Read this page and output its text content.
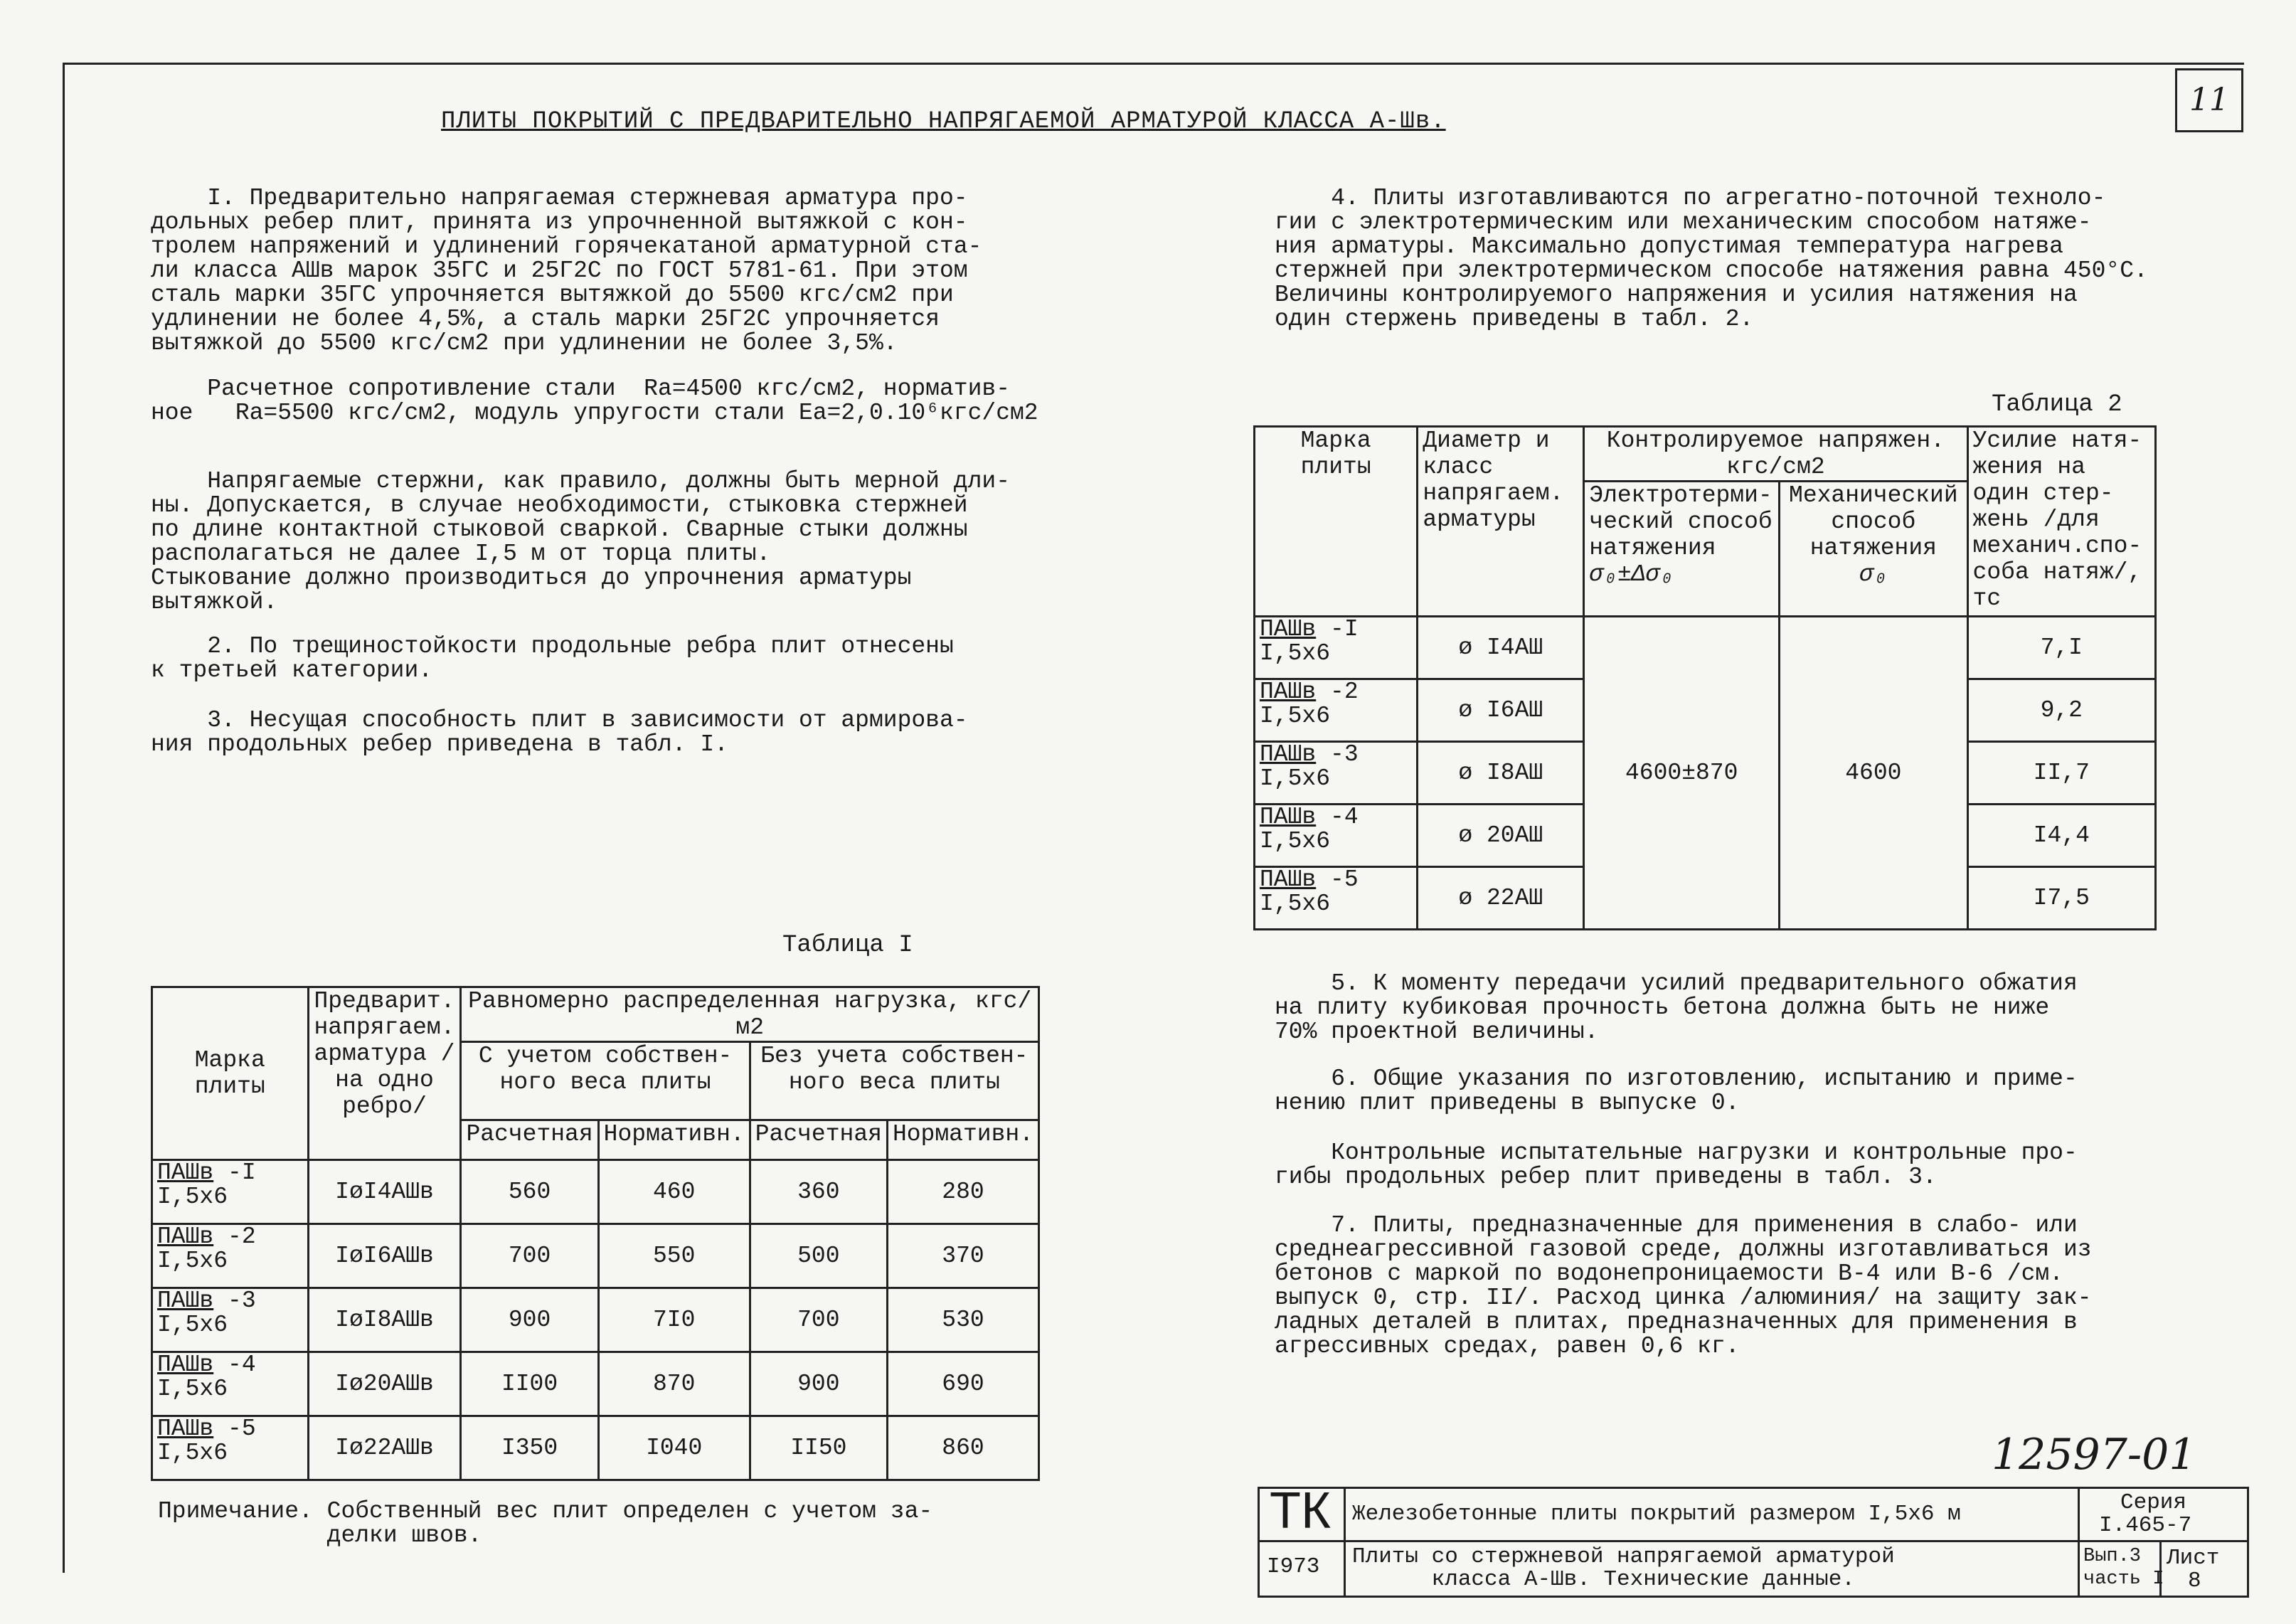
11
ПЛИТЫ ПОКРЫТИЙ С ПРЕДВАРИТЕЛЬНО НАПРЯГАЕМОЙ АРМАТУРОЙ КЛАССА А-Шв.
I. Предварительно напрягаемая стержневая арматура про-
дольных ребер плит, принята из упрочненной вытяжкой с кон-
тролем напряжений и удлинений горячекатаной арматурной ста-
ли класса АШв марок 35ГС и 25Г2С по ГОСТ 5781-61. При этом
сталь марки 35ГС упрочняется вытяжкой до 5500 кгс/см2 при
удлинении не более 4,5%, а сталь марки 25Г2С упрочняется
вытяжкой до 5500 кгс/см2 при удлинении не более 3,5%.
Расчетное сопротивление стали  Ra=4500 кгс/см2, норматив-
ное   Ra=5500 кгс/см2, модуль упругости стали Ea=2,0.10⁶кгс/см2
Напрягаемые стержни, как правило, должны быть мерной дли-
ны. Допускается, в случае необходимости, стыковка стержней
по длине контактной стыковой сваркой. Сварные стыки должны
располагаться не далее I,5 м от торца плиты.
Стыкование должно производиться до упрочнения арматуры
вытяжкой.
2. По трещиностойкости продольные ребра плит отнесены
к третьей категории.
3. Несущая способность плит в зависимости от армирова-
ния продольных ребер приведена в табл. I.
Таблица I
Марка плиты	Предварит. напрягаем. арматура /на одно ребро/	Равномерно распределенная нагрузка, кгс/м2			
		С учетом собствен- ного веса плиты		Без учета собствен- ного веса плиты	
		Расчетная	Нормативн.	Расчетная	Нормативн.
ПАШв -I
I,5x6	IøI4АШв	560	460	360	280
ПАШв -2
I,5x6	IøI6АШв	700	550	500	370
ПАШв -3
I,5x6	IøI8АШв	900	7I0	700	530
ПАШв -4
I,5x6	Iø20АШв	II00	870	900	690
ПАШв -5
I,5x6	Iø22АШв	I350	I040	II50	860
Примечание. Собственный вес плит определен с учетом за-
делки швов.
4. Плиты изготавливаются по агрегатно-поточной техноло-
гии с электротермическим или механическим способом натяже-
ния арматуры. Максимально допустимая температура нагрева
стержней при электротермическом способе натяжения равна 450°С.
Величины контролируемого напряжения и усилия натяжения на
один стержень приведены в табл. 2.
Таблица 2
Марка плиты	Диаметр и класс напрягаем. арматуры	Контролируемое напряжен. кгс/см2		Усилие натя- жения на один стер- жень /для механич.спо- соба натяж/, тс
		Электротерми- ческий способ натяжения
σ₀±Δσ₀	Механический способ натяжения
σ₀	
ПАШв -I
I,5x6	ø I4АШ	4600±870	4600	7,I
ПАШв -2
I,5x6	ø I6АШ			9,2
ПАШв -3
I,5x6	ø I8АШ			II,7
ПАШв -4
I,5x6	ø 20АШ			I4,4
ПАШв -5
I,5x6	ø 22АШ			I7,5
5. К моменту передачи усилий предварительного обжатия
на плиту кубиковая прочность бетона должна быть не ниже
70% проектной величины.
6. Общие указания по изготовлению, испытанию и приме-
нению плит приведены в выпуске 0.
Контрольные испытательные нагрузки и контрольные про-
гибы продольных ребер плит приведены в табл. 3.
7. Плиты, предназначенные для применения в слабо- или
среднеагрессивной газовой среде, должны изготавливаться из
бетонов с маркой по водонепроницаемости В-4 или В-6 /см.
выпуск 0, стр. II/. Расход цинка /алюминия/ на защиту зак-
ладных деталей в плитах, предназначенных для применения в
агрессивных средах, равен 0,6 кг.
12597-01
ТК
I973
Железобетонные плиты покрытий размером I,5x6 м
Плиты со стержневой напрягаемой арматурой
класса А-Шв. Технические данные.
Серия
I.465-7
Вып.3
часть I
Лист
8
